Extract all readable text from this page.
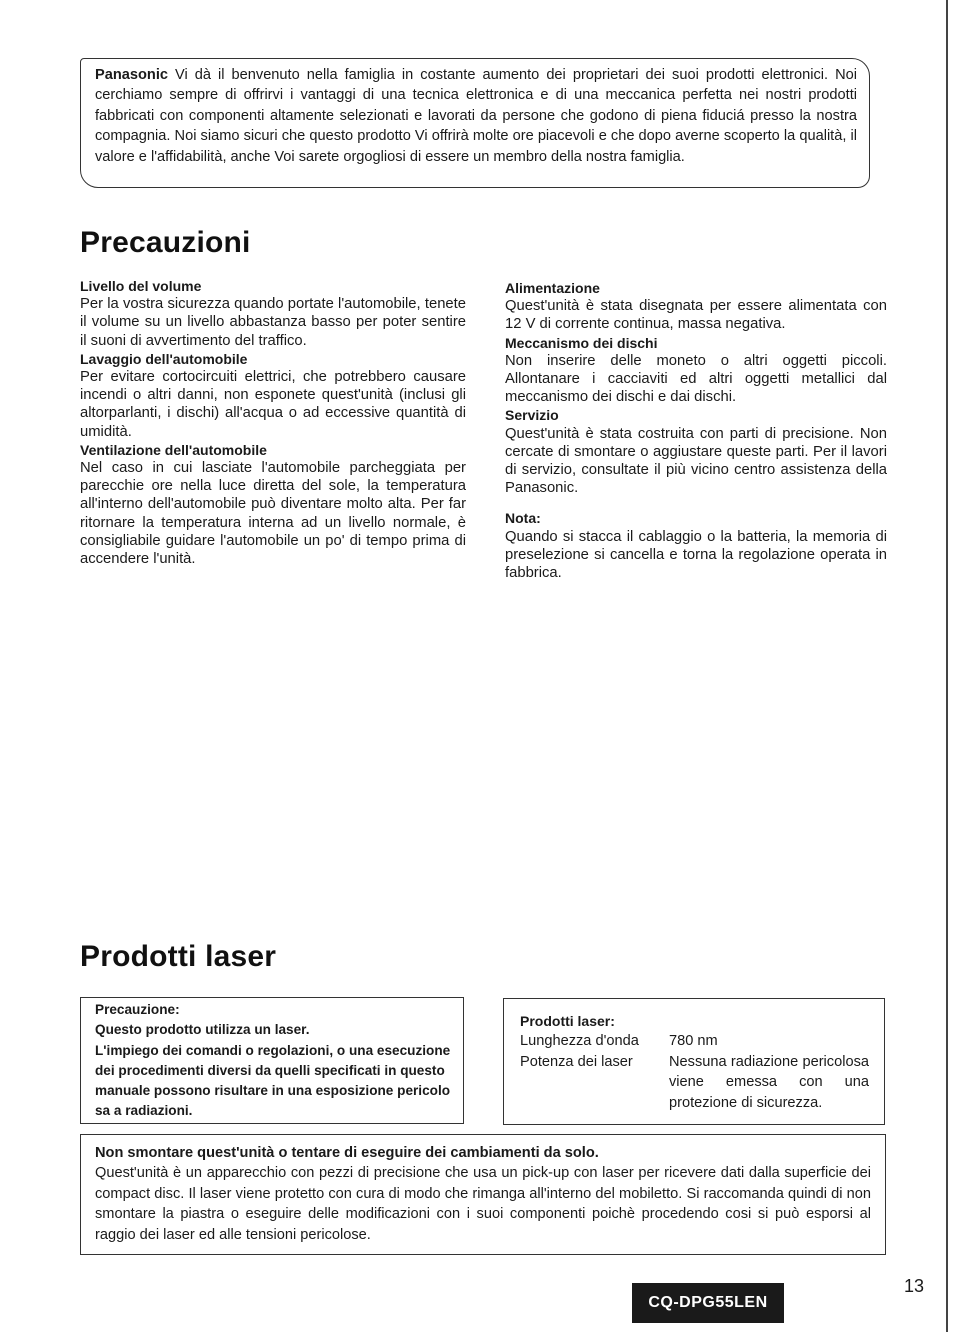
Panasonic Vi dà il benvenuto nella famiglia in costante aumento dei proprietari dei suoi prodotti elettronici. Noi cerchiamo sempre di offrirvi i vantaggi di una tecnica elettronica e di una meccanica perfetta nei nostri prodotti fabbricati con componenti altamente selezionati e lavorati da persone che godono di piena fiduciá presso la nostra compagnia. Noi siamo sicuri che questo prodotto Vi offrirà molte ore piacevoli e che dopo averne scoperto la qualità, il valore e l'affidabilità, anche Voi sarete orgogliosi di essere un membro della nostra famiglia.
Precauzioni
Livello del volume

Per la vostra sicurezza quando portate l'automobile, tenete il volume su un livello abbastanza basso per poter sentire il suoni di avvertimento del traffico.

Lavaggio dell'automobile

Per evitare cortocircuiti elettrici, che potrebbero causare incendi o altri danni, non esponete quest'unità (inclusi gli altorparlanti, i dischi) all'acqua o ad eccessive quantità di umidità.

Ventilazione dell'automobile

Nel caso in cui lasciate l'automobile parcheggiata per parecchie ore nella luce diretta del sole, la temperatura all'interno dell'automobile può diventare molto alta. Per far ritornare la temperatura interna ad un livello normale, è consigliabile guidare l'automobile un po' di tempo prima di accendere l'unità.

Alimentazione

Quest'unità è stata disegnata per essere alimentata con 12 V di corrente continua, massa negativa.

Meccanismo dei dischi

Non inserire delle moneto o altri oggetti piccoli. Allontanare i cacciaviti ed altri oggetti metallici dal meccanismo dei dischi e dai dischi.

Servizio

Quest'unità è stata costruita con parti di precisione. Non cercate di smontare o aggiustare queste parti. Per il lavori di servizio, consultate il più vicino centro assistenza della Panasonic.

Nota:

Quando si stacca il cablaggio o la batteria, la memoria di preselezione si cancella e torna la regolazione operata in fabbrica.

Prodotti laser
Precauzione:
Questo prodotto utilizza un laser.
L'impiego dei comandi o regolazioni, o una esecuzione dei procedimenti diversi da quelli specificati in questo manuale possono risultare in una esposizione pericolo sa a radiazioni.
Prodotti laser:
Lunghezza d'onda	780 nm
Potenza dei laser	Nessuna radiazione pericolosa viene emessa con una protezione di sicurezza.
Non smontare quest'unità o tentare di eseguire dei cambiamenti da solo.
Quest'unità è un apparecchio con pezzi di precisione che usa un pick-up con laser per ricevere dati dalla superficie dei compact disc. Il laser viene protetto con cura di modo che rimanga all'interno del mobiletto. Si raccomanda quindi di non smontare la piastra o eseguire delle modificazioni con i suoi componenti poichè procedendo cosi si può esporsi al raggio dei laser ed alle tensioni pericolose.
CQ-DPG55LEN
13
